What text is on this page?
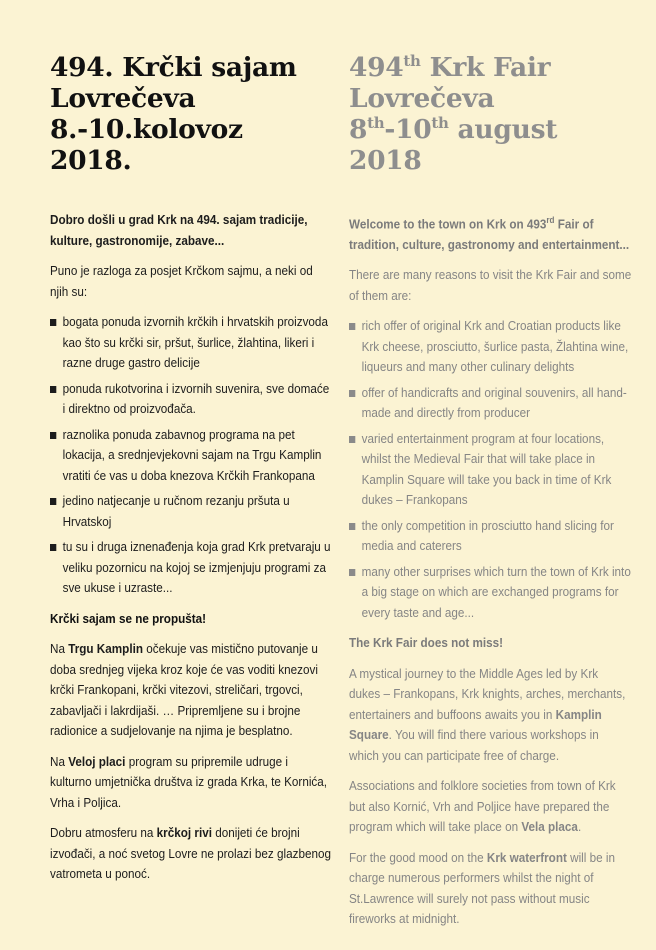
494. Krčki sajam
Lovrečeva
8.-10.kolovoz 2018.

Dobro došli u grad Krk na 494. sajam tradicije, kulture, gastronomije, zabave...

Puno je razloga za posjet Krčkom sajmu, a neki od njih su:

bogata ponuda izvornih krčkih i hrvatskih proizvoda kao što su krčki sir, pršut, šurlice, žlahtina, likeri i razne druge gastro delicije
ponuda rukotvorina i izvornih suvenira, sve domaće i direktno od proizvođača.
raznolika ponuda zabavnog programa na pet lokacija, a srednjevjekovni sajam na Trgu Kamplin vratiti će vas u doba knezova Krčkih Frankopana
jedino natjecanje u ručnom rezanju pršuta u Hrvatskoj
tu su i druga iznenađenja koja grad Krk pretvaraju u veliku pozornicu na kojoj se izmjenjuju programi za sve ukuse i uzraste...

Krčki sajam se ne propušta!

Na Trgu Kamplin očekuje vas mistično putovanje u doba srednjeg vijeka kroz koje će vas voditi knezovi krčki Frankopani, krčki vitezovi, streličari, trgovci, zabavljači i lakrdijaši. … Pripremljene su i brojne radionice a sudjelovanje na njima je besplatno.

Na Veloj placi program su pripremile udruge i kulturno umjetnička društva iz grada Krka, te Kornića, Vrha i Poljica.

Dobru atmosferu na krčkoj rivi donijeti će brojni izvođači, a noć svetog Lovre ne prolazi bez glazbenog vatrometa u ponoć.

494th Krk Fair
Lovrečeva
8th-10th august 2018

Welcome to the town on Krk on 493rd Fair of tradition, culture, gastronomy and entertainment...

There are many reasons to visit the Krk Fair and some of them are:

rich offer of original Krk and Croatian products like Krk cheese, prosciutto, šurlice pasta, Žlahtina wine, liqueurs and many other culinary delights
offer of handicrafts and original souvenirs, all hand-made and directly from producer
varied entertainment program at four locations, whilst the Medieval Fair that will take place in Kamplin Square will take you back in time of Krk dukes – Frankopans
the only competition in prosciutto hand slicing for media and caterers
many other surprises which turn the town of Krk into a big stage on which are exchanged programs for every taste and age...

The Krk Fair does not miss!

A mystical journey to the Middle Ages led by Krk dukes – Frankopans, Krk knights, arches, merchants, entertainers and buffoons awaits you in Kamplin Square. You will find there various workshops in which you can participate free of charge.

Associations and folklore societies from town of Krk but also Kornić, Vrh and Poljice have prepared the program which will take place on Vela placa.

For the good mood on the Krk waterfront will be in charge numerous performers whilst the night of St.Lawrence will surely not pass without music fireworks at midnight.
